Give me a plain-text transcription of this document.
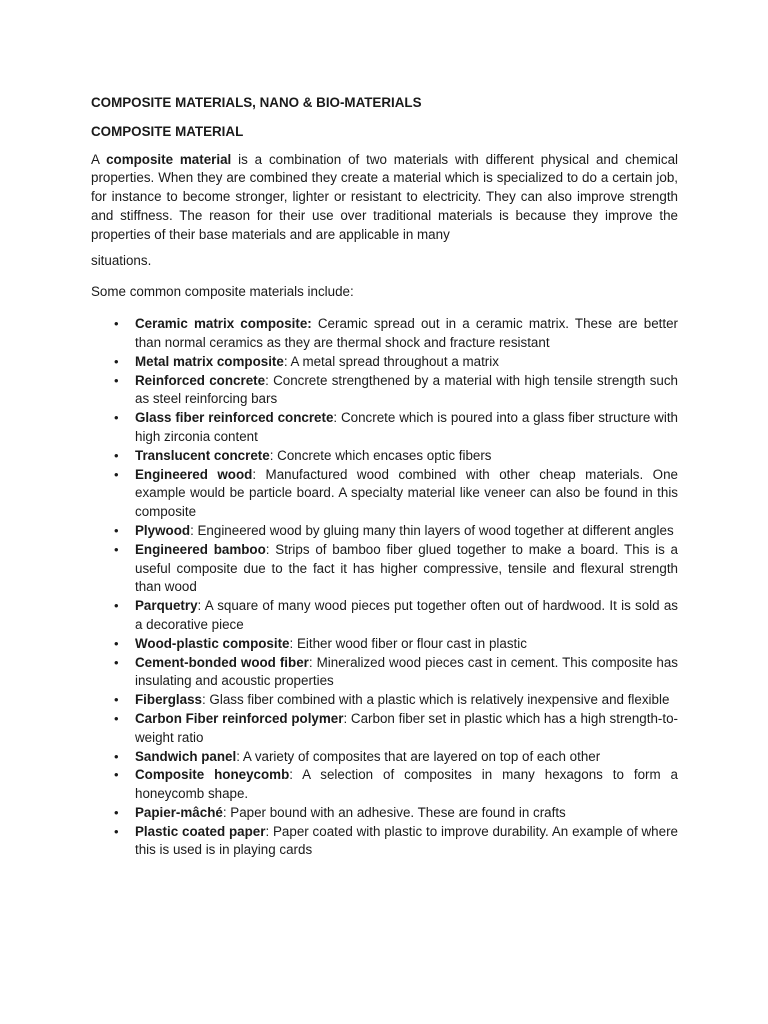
COMPOSITE MATERIALS, NANO & BIO-MATERIALS
COMPOSITE MATERIAL

A composite material is a combination of two materials with different physical and chemical properties. When they are combined they create a material which is specialized to do a certain job, for instance to become stronger, lighter or resistant to electricity. They can also improve strength and stiffness. The reason for their use over traditional materials is because they improve the properties of their base materials and are applicable in many

situations.

Some common composite materials include:

• Ceramic matrix composite: Ceramic spread out in a ceramic matrix. These are better than normal ceramics as they are thermal shock and fracture resistant
• Metal matrix composite: A metal spread throughout a matrix
• Reinforced concrete: Concrete strengthened by a material with high tensile strength such as steel reinforcing bars
• Glass fiber reinforced concrete: Concrete which is poured into a glass fiber structure with high zirconia content
• Translucent concrete: Concrete which encases optic fibers
• Engineered wood: Manufactured wood combined with other cheap materials. One example would be particle board. A specialty material like veneer can also be found in this composite
• Plywood: Engineered wood by gluing many thin layers of wood together at different angles
• Engineered bamboo: Strips of bamboo fiber glued together to make a board. This is a useful composite due to the fact it has higher compressive, tensile and flexural strength than wood
• Parquetry: A square of many wood pieces put together often out of hardwood. It is sold as a decorative piece
• Wood-plastic composite: Either wood fiber or flour cast in plastic
• Cement-bonded wood fiber: Mineralized wood pieces cast in cement. This composite has insulating and acoustic properties
• Fiberglass: Glass fiber combined with a plastic which is relatively inexpensive and flexible
• Carbon Fiber reinforced polymer: Carbon fiber set in plastic which has a high strength-to-weight ratio
• Sandwich panel: A variety of composites that are layered on top of each other
• Composite honeycomb: A selection of composites in many hexagons to form a honeycomb shape.
• Papier-mâché: Paper bound with an adhesive. These are found in crafts
• Plastic coated paper: Paper coated with plastic to improve durability. An example of where this is used is in playing cards
